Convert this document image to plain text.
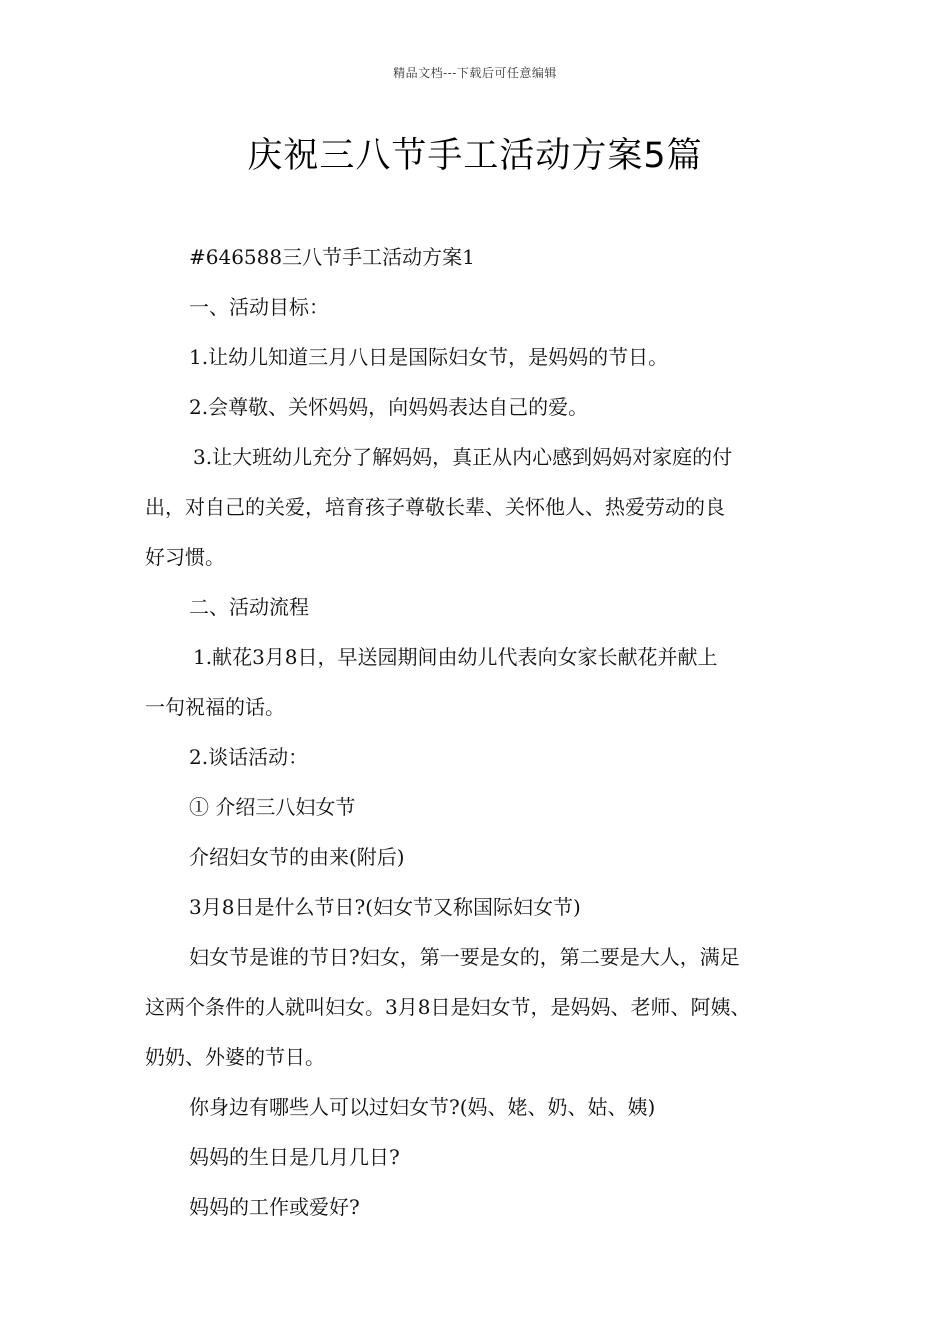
精品文档---下载后可任意编辑
庆祝三八节手工活动方案5篇

#646588三八节手工活动方案1

一、活动目标：

1.让幼儿知道三月八日是国际妇女节，是妈妈的节日。

2.会尊敬、关怀妈妈，向妈妈表达自己的爱。

3.让大班幼儿充分了解妈妈，真正从内心感到妈妈对家庭的付

出，对自己的关爱，培育孩子尊敬长辈、关怀他人、热爱劳动的良

好习惯。

二、活动流程

1.献花3月8日，早送园期间由幼儿代表向女家长献花并献上

一句祝福的话。

2.谈话活动：

① 介绍三八妇女节

介绍妇女节的由来(附后)

3月8日是什么节日?(妇女节又称国际妇女节)

妇女节是谁的节日?妇女，第一要是女的，第二要是大人，满足

这两个条件的人就叫妇女。3月8日是妇女节，是妈妈、老师、阿姨、

奶奶、外婆的节日。

你身边有哪些人可以过妇女节?(妈、姥、奶、姑、姨)

妈妈的生日是几月几日?

妈妈的工作或爱好?
